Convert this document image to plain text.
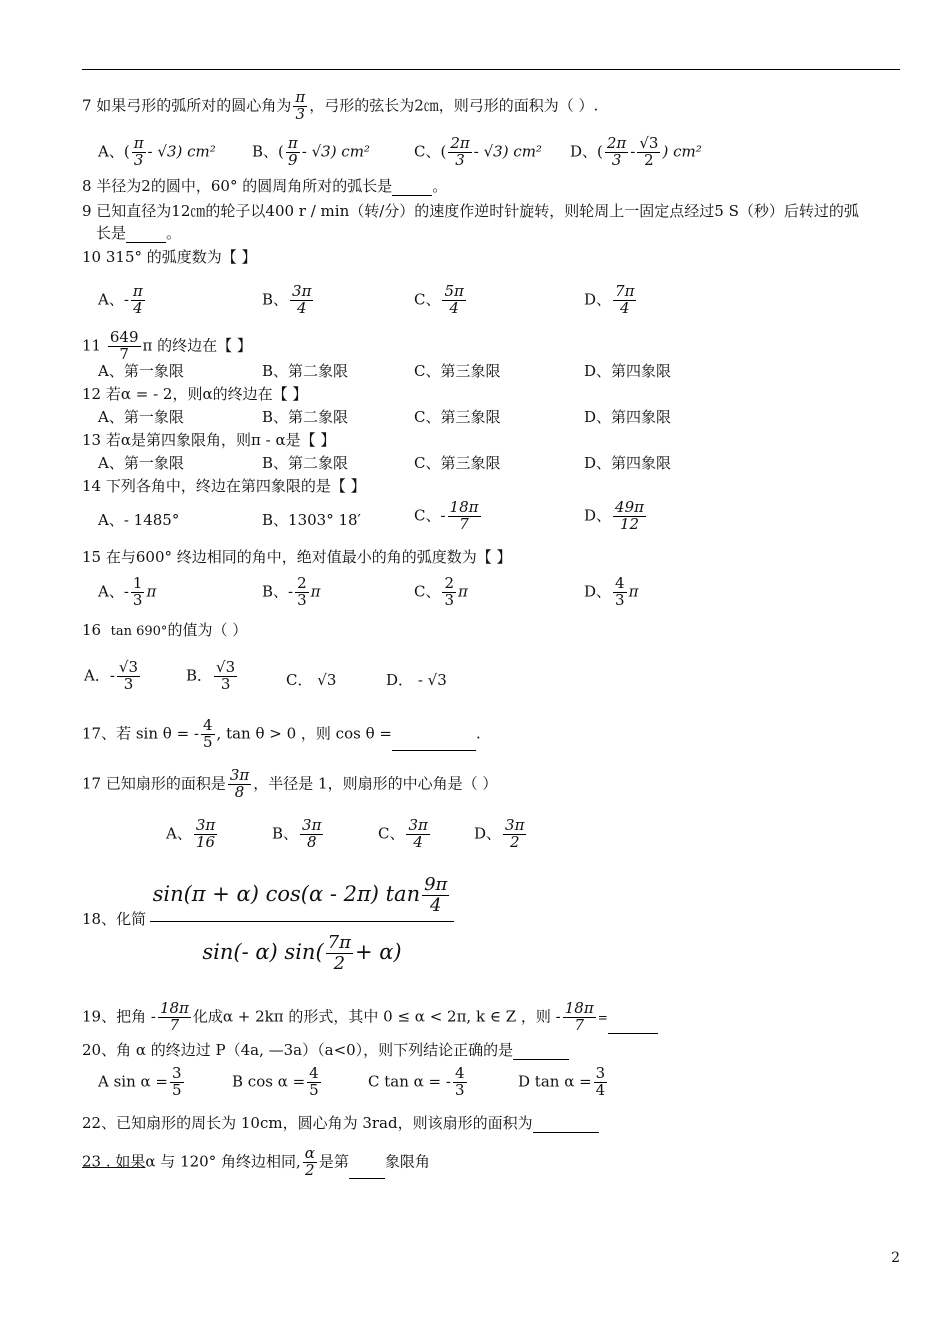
7 如果弓形的弧所对的圆心角为 $\frac{\pi}{3}$ ，弓形的弦长为2㎝，则弓形的面积为（ ）.
A、( $\frac{\pi}{3} - √3$) cm² B、( $\frac{\pi}{9} - √3$) cm²	C、( $\frac{2\pi}{3} - √3$) cm² D、( $\frac{2\pi}{3} - \frac{√3}{2}$ ) cm²
8 半径为2的圆中，60° 的圆周角所对的弧长是	。
9 已知直径为12㎝的轮子以400 r / min（转/分）的速度作逆时针旋转，则轮周上一固定点经过5 S（秒）后转过的弧
长是	。
10 315° 的弧度数为【 】
A、- $\frac{\pi}{4}$	B、 $\frac{3\pi}{4}$	C、 $\frac{5\pi}{4}$	D、 $\frac{7\pi}{4}$
$11 \frac{649}{7}$ π 的终边在【 】
A、第一象限	B、第二象限	C、第三象限	D、第四象限
12 若α = - 2，则α的终边在【 】
A、第一象限	B、第二象限	C、第三象限	D、第四象限
13 若α是第四象限角，则π - α是【 】
A、第一象限	B、第二象限	C、第三象限	D、第四象限
14 下列各角中，终边在第四象限的是【 】
A、- 1485°	B、1303° 18′	C、- $\frac{18\pi}{7}$	D、 $\frac{49\pi}{12}$
15 在与600° 终边相同的角中，绝对值最小的角的弧度数为【 】
A、- $\frac{1}{3}$ π	B、- $\frac{2}{3}$ π	C、 $\frac{2}{3}$ π	D、 $\frac{4}{3}$ π
16 tan 690°的值为（ ）
A．- $\frac{√3}{3}$	B． $\frac{√3}{3}$	C． √3	D． - √3
17、若 sin θ = - $\frac{4}{5}$ , tan θ > 0 ，则 cos θ =	.
17 已知扇形的面积是 $\frac{3\pi}{8}$ ，半径是 1，则扇形的中心角是（ ）
A、 $\frac{3\pi}{16}$	B、 $\frac{3\pi}{8}$	C、 $\frac{3\pi}{4}$	D、 $\frac{3\pi}{2}$
18、化简
sin(π + α) cos(α - 2π) $\tan \frac{9\pi}{4}$
sin(- α) $\sin( \frac{7\pi}{2} + \alpha)$
19、把角 - $\frac{18\pi}{7}$ 化成α + 2kπ 的形式，其中 0 ≤ α < 2π, k ∈ Z ，则 - $\frac{18\pi}{7}$ =
20、角 α 的终边过 P（4a, —3a）（a<0），则下列结论正确的是
A $\sin \alpha = \frac{3}{5}$	B $\cos \alpha = \frac{4}{5}$	C tan α = - $\frac{4}{3}$	D $\tan \alpha = \frac{3}{4}$
22、已知扇形的周长为 10cm，圆心角为 3rad，则该扇形的面积为
23 . 如果α 与 120° 角终边相同, $\frac{\alpha}{2}$ 是第 象限角
2
